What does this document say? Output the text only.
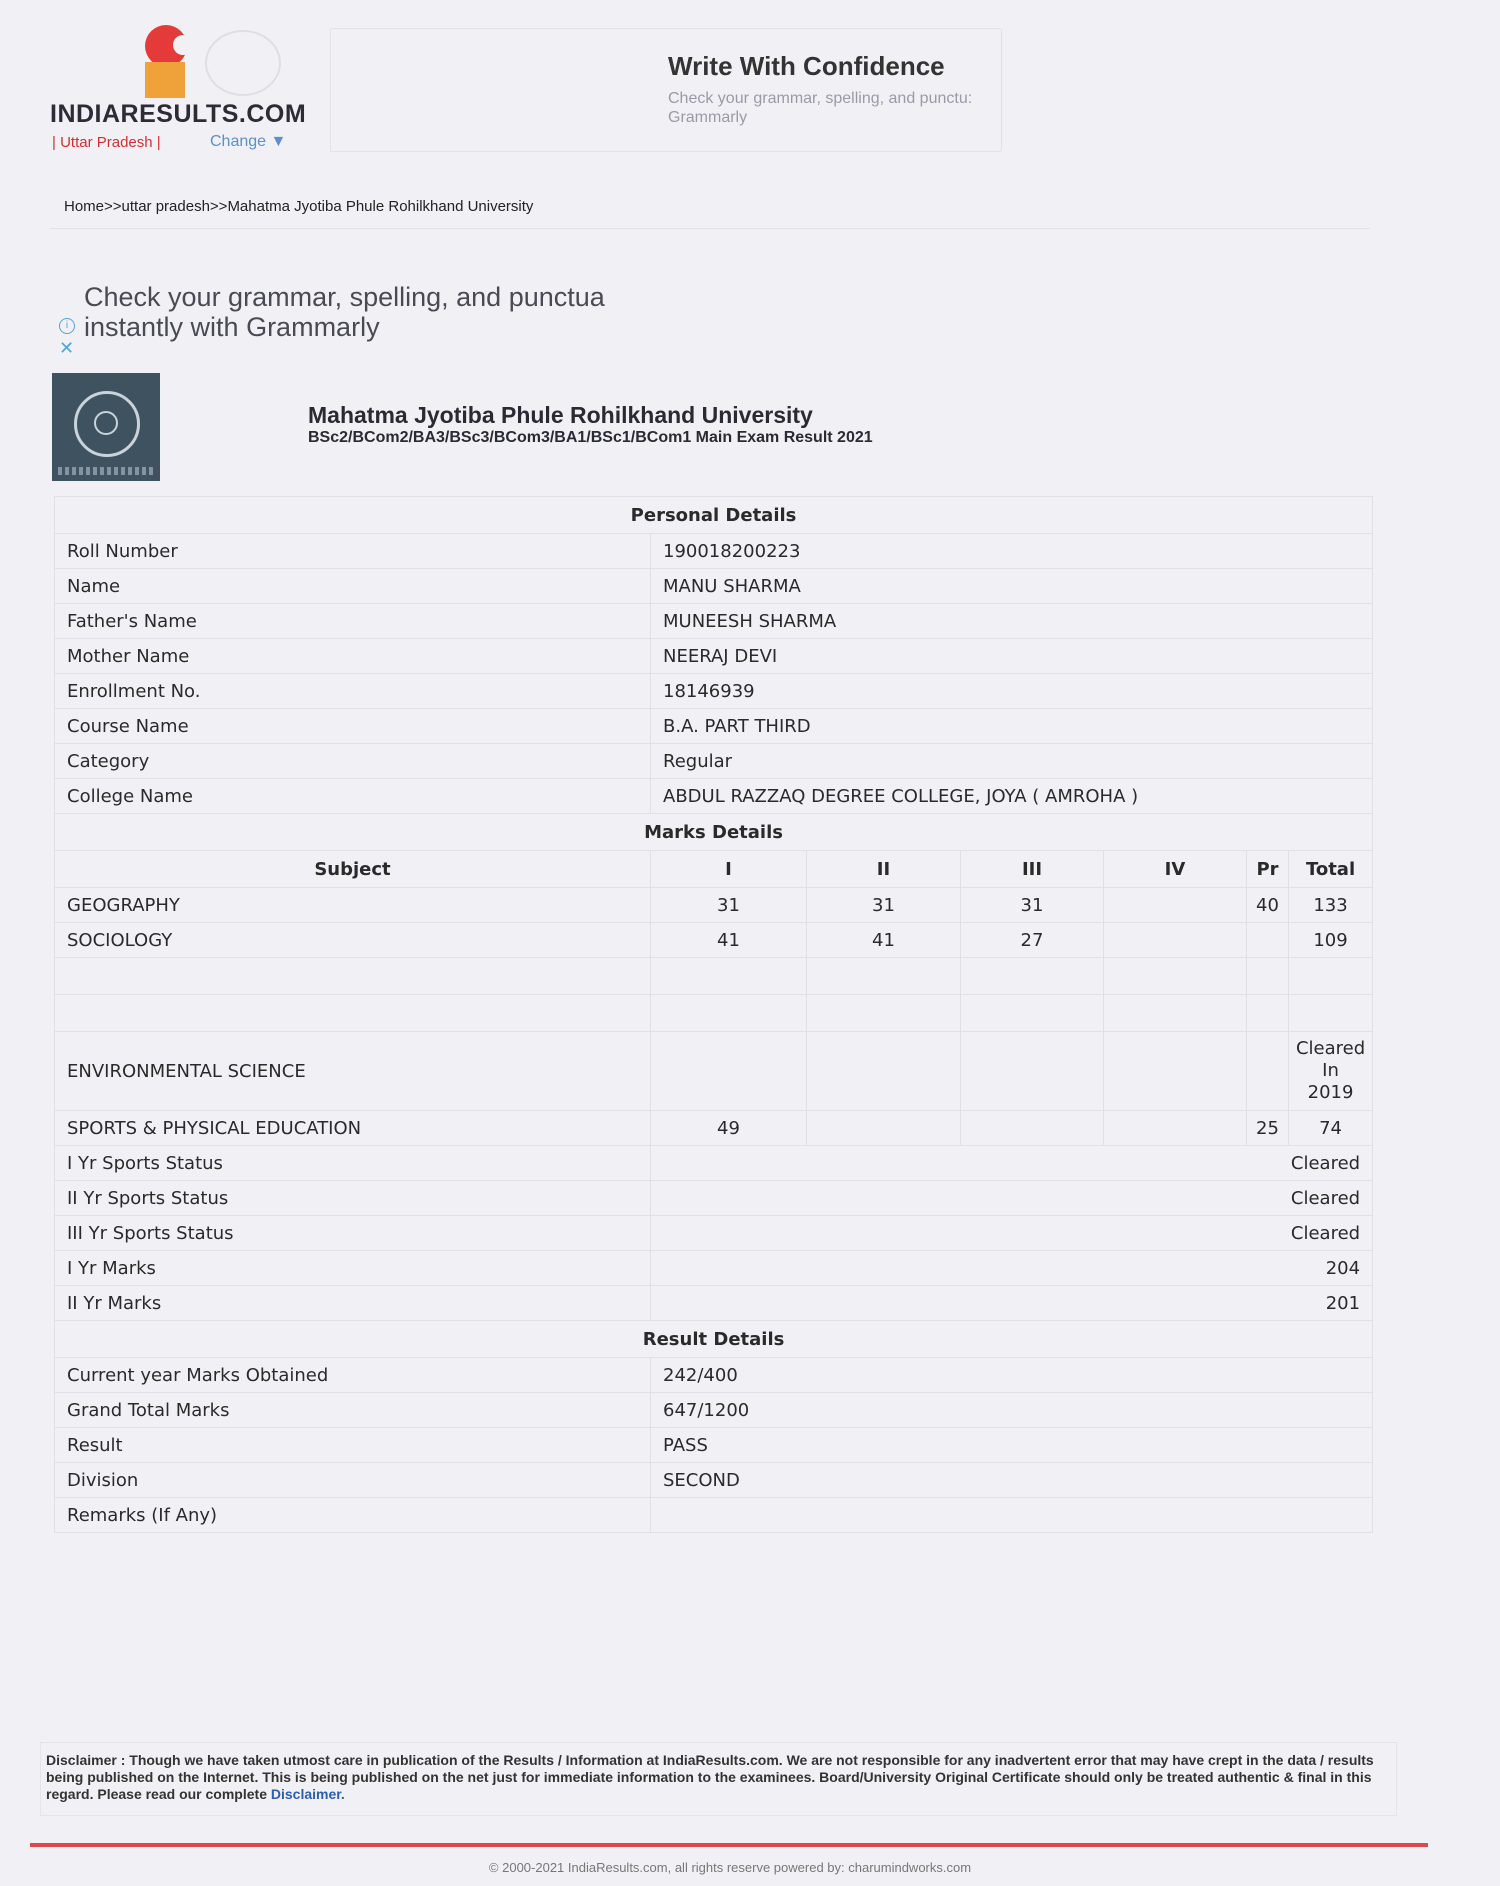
INDIARESULTS.COM
| Uttar Pradesh |	Change ▼
Write With Confidence
Check your grammar, spelling, and punctu:
Grammarly
Home>>uttar pradesh>>Mahatma Jyotiba Phule Rohilkhand University
Check your grammar, spelling, and punctua
instantly with Grammarly
i
✕
Mahatma Jyotiba Phule Rohilkhand University
BSc2/BCom2/BA3/BSc3/BCom3/BA1/BSc1/BCom1 Main Exam Result 2021
Personal Details						
Roll Number	190018200223					
Name	MANU SHARMA					
Father's Name	MUNEESH SHARMA					
Mother Name	NEERAJ DEVI					
Enrollment No.	18146939					
Course Name	B.A. PART THIRD					
Category	Regular					
College Name	ABDUL RAZZAQ DEGREE COLLEGE, JOYA ( AMROHA )					
Marks Details						
Subject	I	II	III	IV	Pr	Total
GEOGRAPHY	31	31	31		40	133
SOCIOLOGY	41	41	27			109

ENVIRONMENTAL SCIENCE						Cleared
In
2019

SPORTS & PHYSICAL EDUCATION	49				25	74
I Yr Sports Status	Cleared					
II Yr Sports Status	Cleared					
III Yr Sports Status	Cleared					
I Yr Marks	204					
II Yr Marks	201					
Result Details						
Current year Marks Obtained	242/400					
Grand Total Marks	647/1200					
Result	PASS					
Division	SECOND					
Remarks (If Any)						
Disclaimer : Though we have taken utmost care in publication of the Results / Information at IndiaResults.com. We are not responsible for any inadvertent error that may have crept in the data / results being published on the Internet. This is being published on the net just for immediate information to the examinees. Board/University Original Certificate should only be treated authentic & final in this regard. Please read our complete Disclaimer.
© 2000-2021 IndiaResults.com, all rights reserve powered by: charumindworks.com
